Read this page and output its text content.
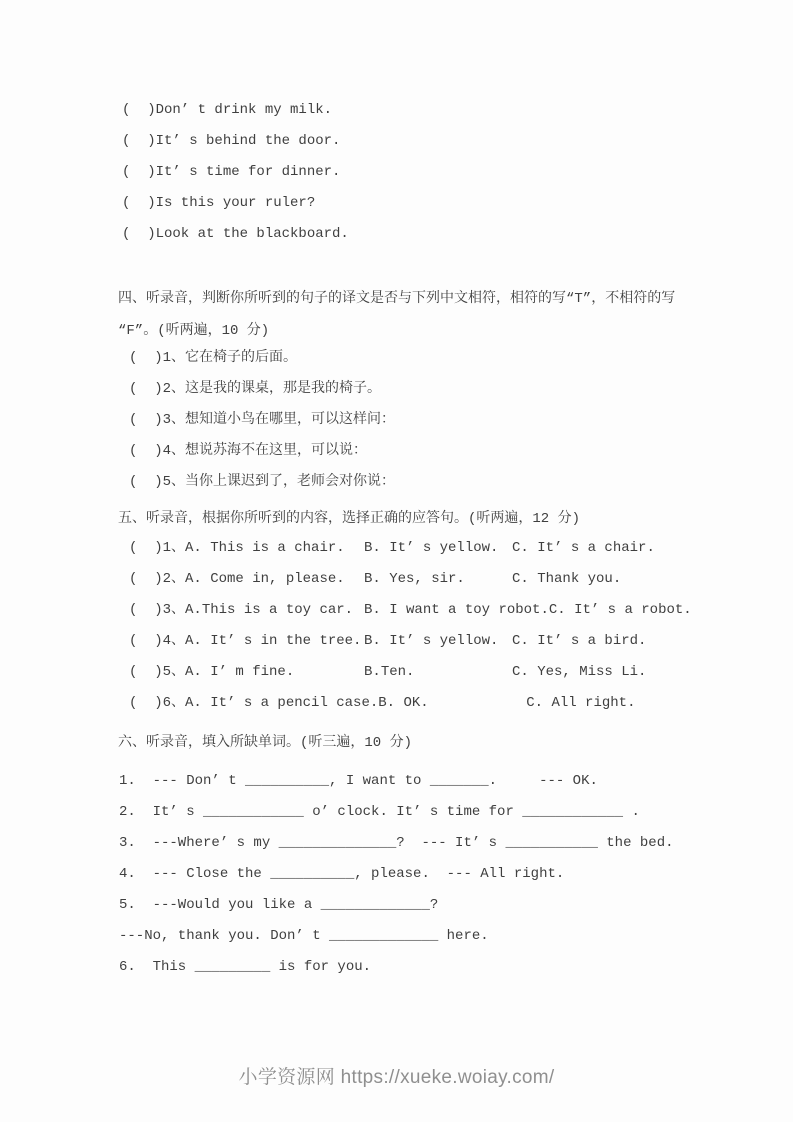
(  )Don’ t drink my milk.
(  )It’ s behind the door.
(  )It’ s time for dinner.
(  )Is this your ruler?
(  )Look at the blackboard.
四、听录音，判断你所听到的句子的译文是否与下列中文相符，相符的写“T”，不相符的写
“F”。(听两遍，10 分)
(  )1、它在椅子的后面。
(  )2、这是我的课桌，那是我的椅子。
(  )3、想知道小鸟在哪里，可以这样问：
(  )4、想说苏海不在这里，可以说：
(  )5、当你上课迟到了，老师会对你说：
五、听录音，根据你所听到的内容，选择正确的应答句。(听两遍，12 分)
(  )1、 A. This is a chair.	B. It’ s yellow. C. It’ s a chair.
(  )2、 A. Come in, please.	B. Yes, sir.	C. Thank you.
(  )3、 A.This is a toy car. B. I want a toy robot. C. It’ s a robot.
(  )4、 A. It’ s in the tree. B. It’ s yellow. C. It’ s a bird.
(  )5、 A. I’ m fine.	B.Ten.	C. Yes, Miss Li.
(  )6、 A. It’ s a pencil case. B. OK.	C. All right.
六、听录音，填入所缺单词。(听三遍，10 分)
1.  --- Don’ t __________, I want to _______.     --- OK.
2.  It’ s ____________ o’ clock. It’ s time for ____________ .
3.  ---Where’ s my ______________?  --- It’ s ___________ the bed.
4.  --- Close the __________, please.  --- All right.
5.  ---Would you like a _____________?
---No, thank you. Don’ t _____________ here.
6.  This _________ is for you.
小学资源网 https://xueke.woiay.com/
